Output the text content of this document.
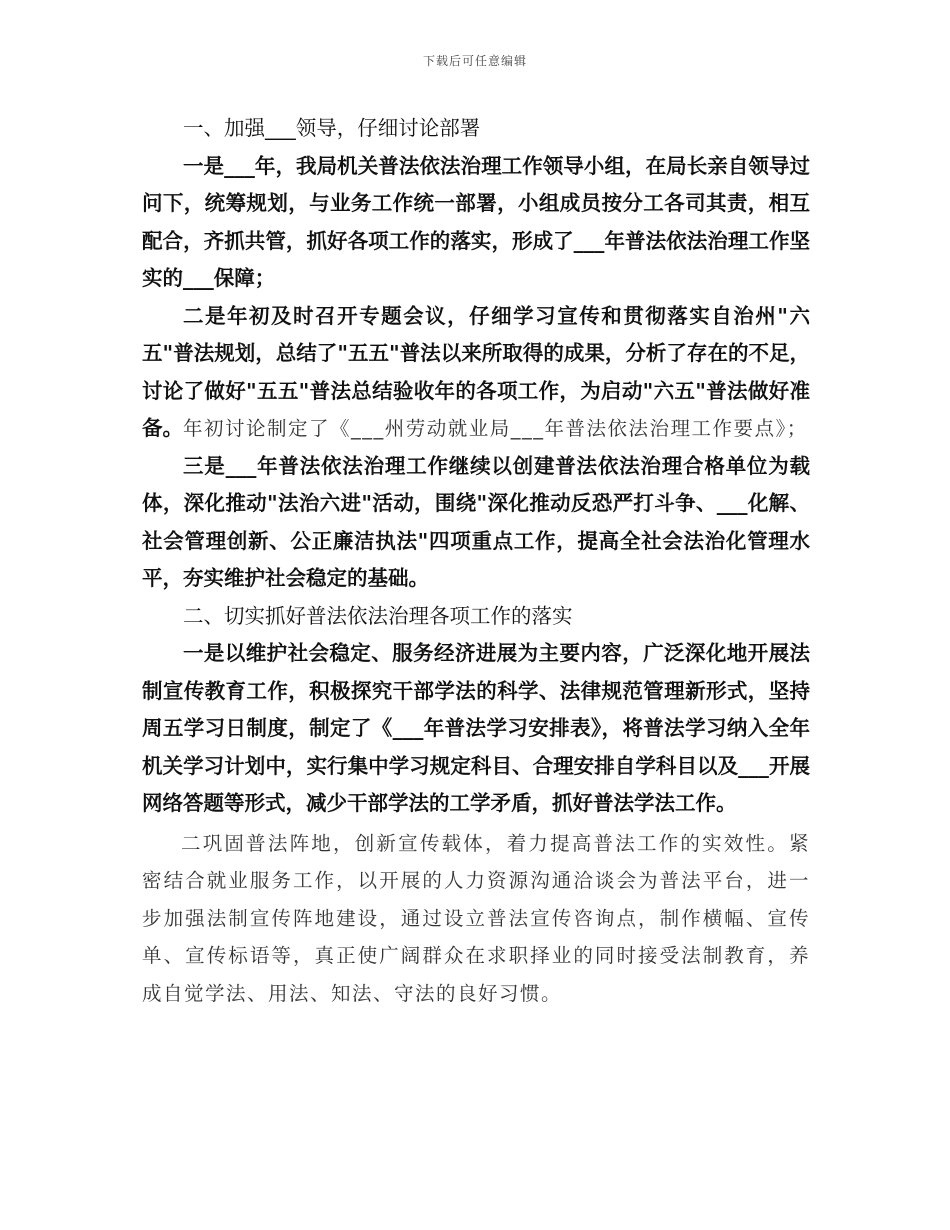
下载后可任意编辑

一、加强___领导，仔细讨论部署

一是___年，我局机关普法依法治理工作领导小组，在局长亲自领导过问下，统筹规划，与业务工作统一部署，小组成员按分工各司其责，相互配合，齐抓共管，抓好各项工作的落实，形成了___年普法依法治理工作坚实的___保障；

二是年初及时召开专题会议，仔细学习宣传和贯彻落实自治州"六五"普法规划，总结了"五五"普法以来所取得的成果，分析了存在的不足，讨论了做好"五五"普法总结验收年的各项工作，为启动"六五"普法做好准备。年初讨论制定了《___州劳动就业局___年普法依法治理工作要点》；

三是___年普法依法治理工作继续以创建普法依法治理合格单位为载体，深化推动"法治六进"活动，围绕"深化推动反恐严打斗争、___化解、社会管理创新、公正廉洁执法"四项重点工作，提高全社会法治化管理水平，夯实维护社会稳定的基础。

二、切实抓好普法依法治理各项工作的落实

一是以维护社会稳定、服务经济进展为主要内容，广泛深化地开展法制宣传教育工作，积极探究干部学法的科学、法律规范管理新形式，坚持周五学习日制度，制定了《___年普法学习安排表》，将普法学习纳入全年机关学习计划中，实行集中学习规定科目、合理安排自学科目以及___开展网络答题等形式，减少干部学法的工学矛盾，抓好普法学法工作。

二巩固普法阵地，创新宣传载体，着力提高普法工作的实效性。紧密结合就业服务工作，以开展的人力资源沟通洽谈会为普法平台，进一步加强法制宣传阵地建设，通过设立普法宣传咨询点，制作横幅、宣传单、宣传标语等，真正使广阔群众在求职择业的同时接受法制教育，养成自觉学法、用法、知法、守法的良好习惯。
